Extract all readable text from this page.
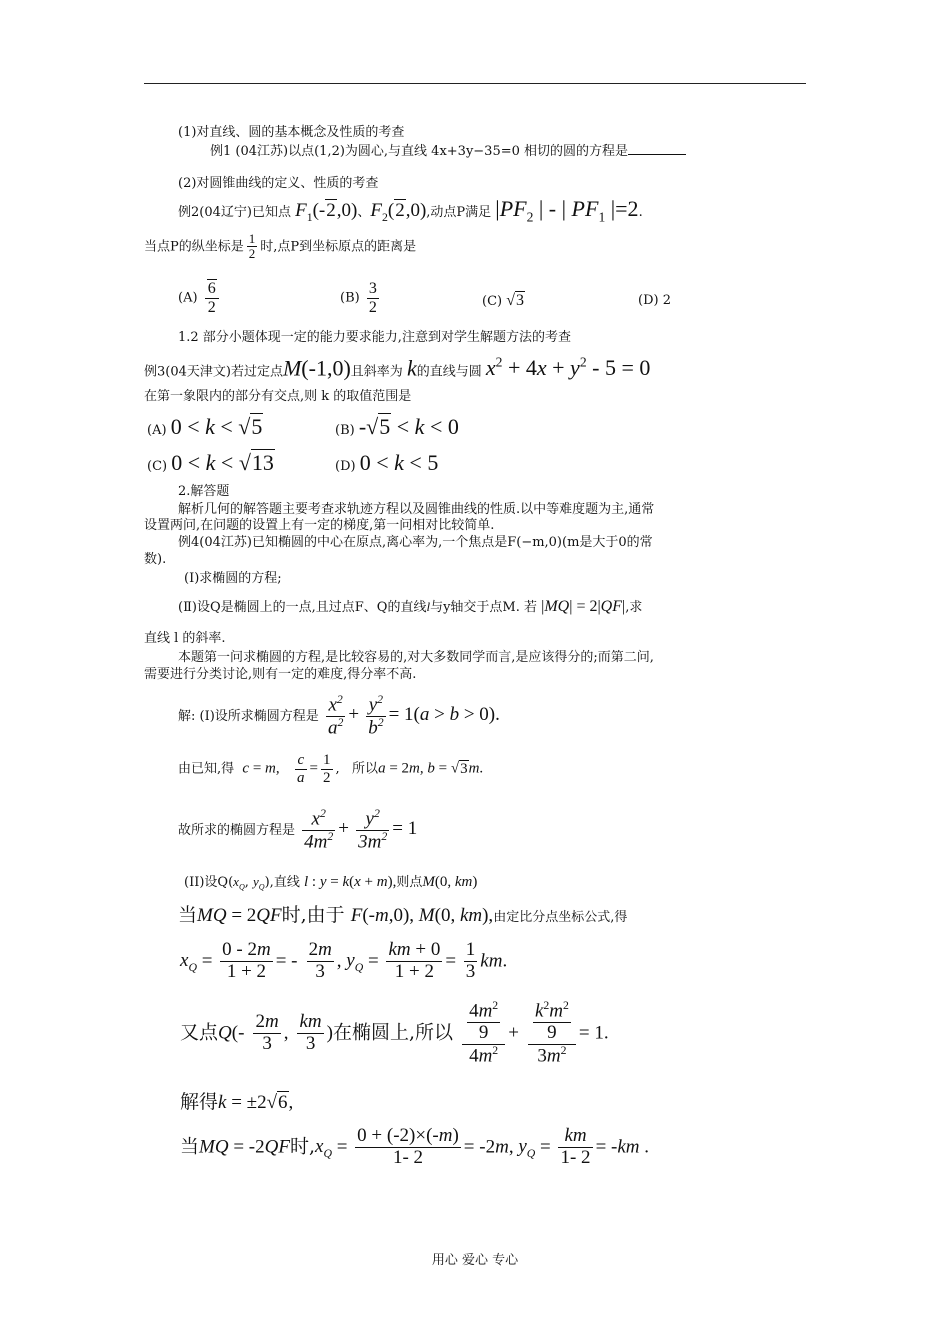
(1)对直线、圆的基本概念及性质的考查
例1 (04江苏)以点(1,2)为圆心,与直线 4x+3y−35=0 相切的圆的方程是
(2)对圆锥曲线的定义、性质的考查
例2(04辽宁)已知点 $F_1(-2,0)$、$F_2(2,0)$,动点P满足 $|PF_2$ | - | $PF_1$ |=2.
当点P的纵坐标是 $\frac{1}{2}$ 时,点P到坐标原点的距离是
$(A) \frac{6}{2}$	$(B) \frac{3}{2}$	(C) √3	(D) 2
1.2 部分小题体现一定的能力要求能力,注意到对学生解题方法的考查
例3(04天津文)若过定点M(-1,0)且斜率为 k的直线与圆 $x^2 + 4x + y^2 - 5 = 0$
在第一象限内的部分有交点,则 k 的取值范围是
(A) 0 < k < √5	(B) -√5 < k < 0
(C) 0 < k < √13	(D) 0 < k < 5
2.解答题
解析几何的解答题主要考查求轨迹方程以及圆锥曲线的性质.以中等难度题为主,通常
设置两问,在问题的设置上有一定的梯度,第一问相对比较简单.
例4(04江苏)已知椭圆的中心在原点,离心率为,一个焦点是F(−m,0)(m是大于0的常
数).
(Ⅰ)求椭圆的方程;
(Ⅱ)设Q是椭圆上的一点,且过点F、Q的直线l与y轴交于点M. 若 |MQ| = 2|QF|,求
直线 l 的斜率.
本题第一问求椭圆的方程,是比较容易的,对大多数同学而言,是应该得分的;而第二问,
需要进行分类讨论,则有一定的难度,得分率不高.
解: (I)设所求椭圆方程是 $\frac{x^2}{a^2} + \frac{y^2}{b^2} = 1(a > b > 0)$.
由已知,得 c = m, $\frac{c}{a} = \frac{1}{2}$ ,   所以a = 2m, b = √3m.
故所求的椭圆方程是 $\frac{x^2}{4m^2} + \frac{y^2}{3m^2} = 1$
(II)设$Q(x_Q$, $y_Q$),直线 l : y = k(x + m),则点M(0, km)
当MQ = 2QF时,由于 F(-m,0), M(0, km),由定比分点坐标公式,得
$x_Q = \frac{0 - 2m}{1 + 2}$ = - $\frac{2m}{3}$ , $y_Q = \frac{km + 0}{1 + 2} = \frac{1}{3}$ km.
又点$Q(- \frac{2m}{3}$ , $\frac{km}{3}$ )在椭圆上,所以 $\frac{\frac{4m^2}{9}}{4m^2} + \frac{\frac{k^2m^2}{9}}{3m^2} = 1$.
解得k = ±2√6,
当MQ = -2QF时$,x_Q = \frac{0 + (-2)\times(-m)}{1- 2} = -2m$, $y_Q = \frac{km}{1- 2} = -km$ .
用心 爱心 专心
